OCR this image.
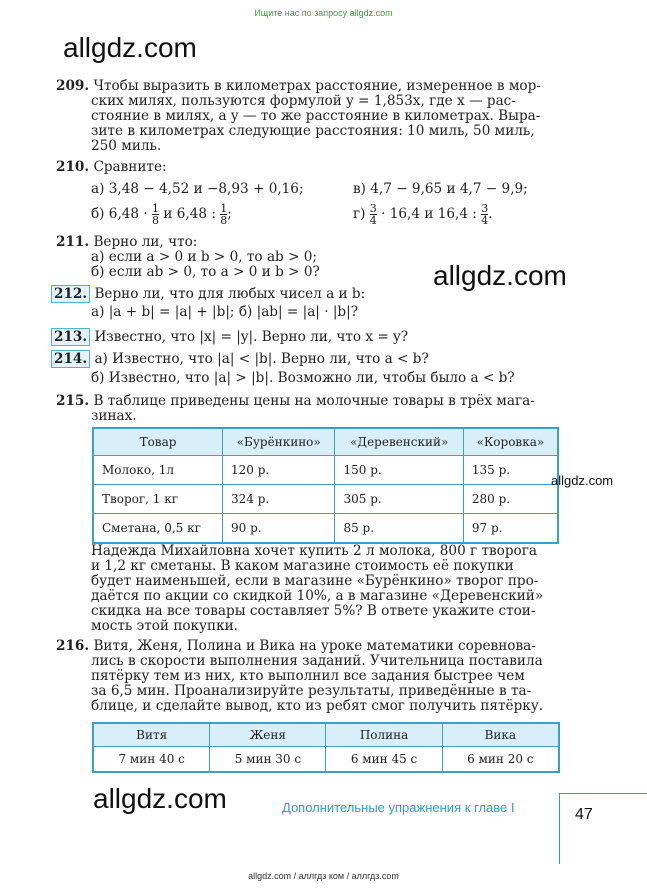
Ищите нас по запросу allgdz.com
allgdz.com
209. Чтобы выразить в километрах расстояние, измеренное в мор-
ских милях, пользуются формулой y = 1,853x, где x — рас-
стояние в милях, а y — то же расстояние в километрах. Выра-
зите в километрах следующие расстояния: 10 миль, 50 миль,
250 миль.
210. Сравните:
а) 3,48 − 4,52 и −8,93 + 0,16;	в) 4,7 − 9,65 и 4,7 − 9,9;
б) $6,48 \cdot \frac{1}{8}$ и 6,48 : $\frac{1}{8}$ ;	$г) \frac{3}{4} \cdot 16,4$ и 16,4 : $\frac{3}{4}$ .
211. Верно ли, что:
а) если a > 0 и b > 0, то ab > 0;
б) если ab > 0, то a > 0 и b > 0?	allgdz.com
212. Верно ли, что для любых чисел a и b:
а) |a + b| = |a| + |b|; б) |ab| = |a| · |b|?
213. Известно, что |x| = |y|. Верно ли, что x = y?
214. а) Известно, что |a| < |b|. Верно ли, что a < b?
б) Известно, что |a| > |b|. Возможно ли, чтобы было a < b?
215. В таблице приведены цены на молочные товары в трёх мага-
зинах.
Товар	«Бурёнкино»	«Деревенский»	«Коровка»
Молоко, 1л	120 р.	150 р.	135 р.
Творог, 1 кг	324 р.	305 р.	280 р.
Сметана, 0,5 кг	90 р.	85 р.	97 р.
allgdz.com
Надежда Михайловна хочет купить 2 л молока, 800 г творога
и 1,2 кг сметаны. В каком магазине стоимость её покупки
будет наименьшей, если в магазине «Бурёнкино» творог про-
даётся по акции со скидкой 10%, а в магазине «Деревенский»
скидка на все товары составляет 5%? В ответе укажите стои-
мость этой покупки.
216. Витя, Женя, Полина и Вика на уроке математики соревнова-
лись в скорости выполнения заданий. Учительница поставила
пятёрку тем из них, кто выполнил все задания быстрее чем
за 6,5 мин. Проанализируйте результаты, приведённые в та-
блице, и сделайте вывод, кто из ребят смог получить пятёрку.
Витя	Женя	Полина	Вика
7 мин 40 с	5 мин 30 с	6 мин 45 с	6 мин 20 с
allgdz.com	Дополнительные упражнения к главе I	47
allgdz.com / аллгдз ком / аллгдз.com
